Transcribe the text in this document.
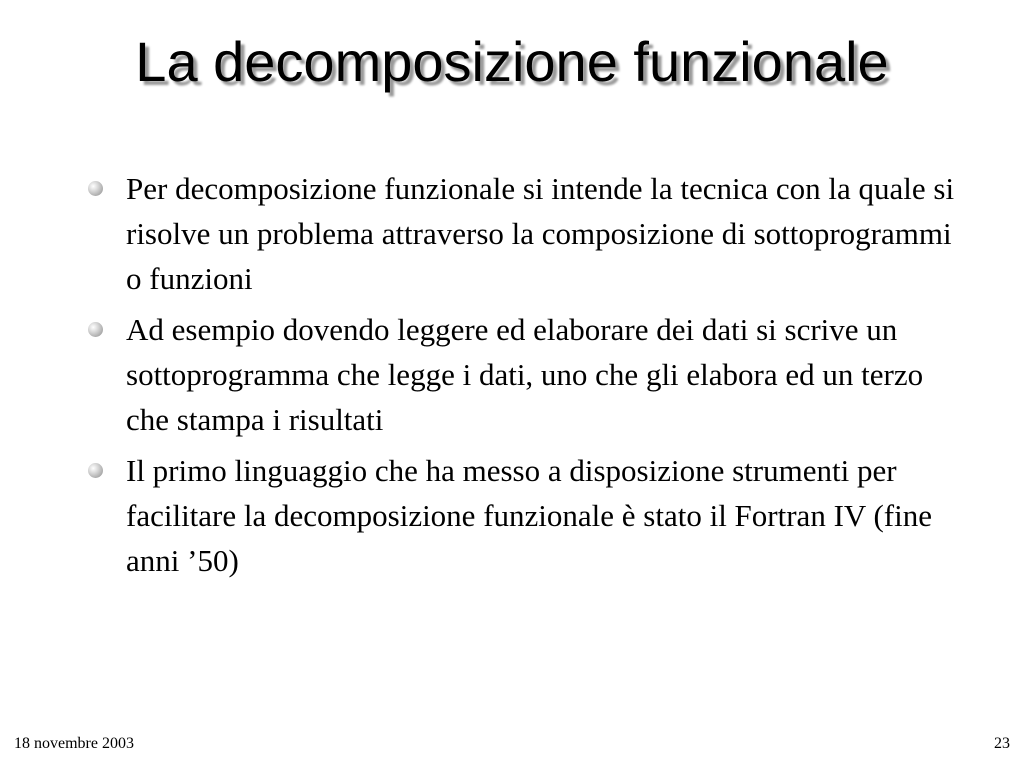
La decomposizione funzionale
Per decomposizione funzionale si intende la tecnica con la quale si risolve un problema attraverso la composizione di sottoprogrammi o funzioni
Ad esempio dovendo leggere ed elaborare dei dati si scrive un sottoprogramma che legge i dati, uno che gli elabora ed un terzo che stampa i risultati
Il primo linguaggio che ha messo a disposizione strumenti per facilitare la decomposizione funzionale è stato il Fortran IV (fine anni ’50)
18 novembre 2003	23
